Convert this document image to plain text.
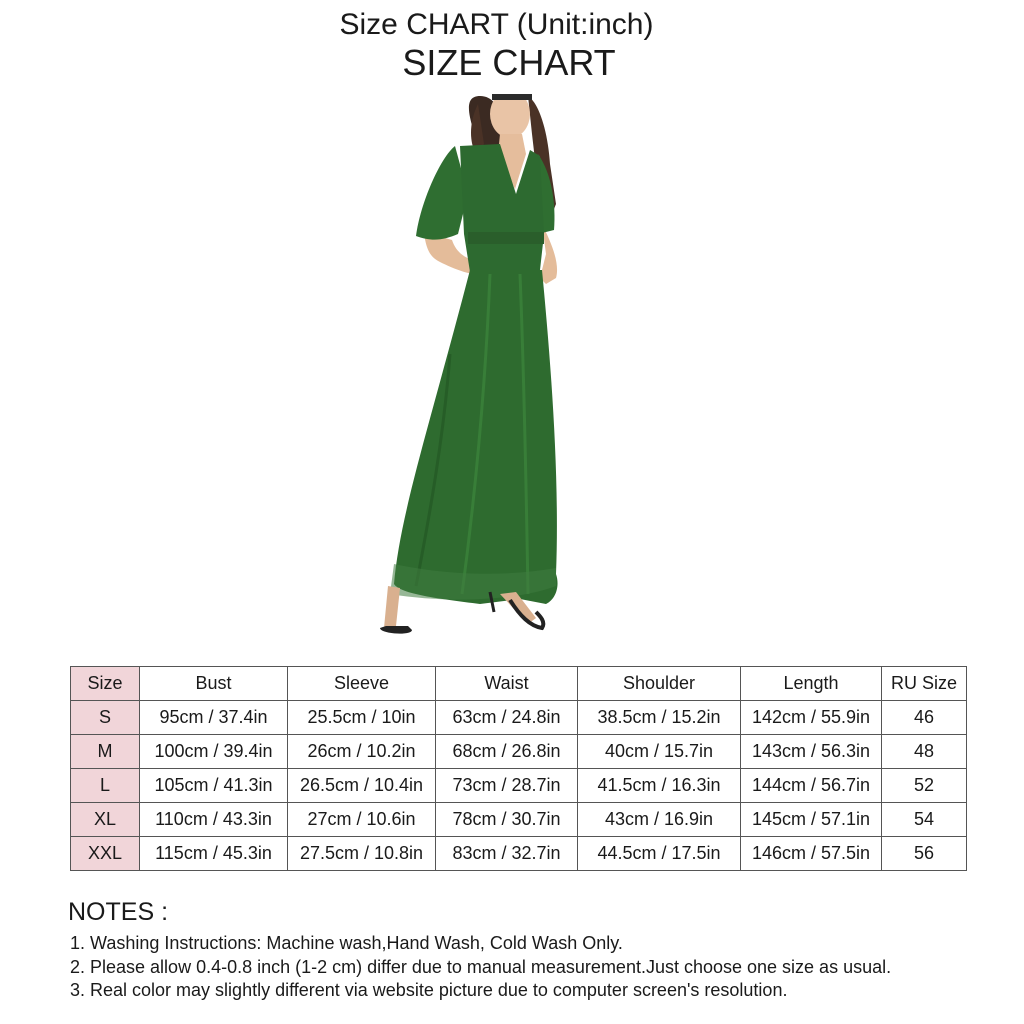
Size CHART (Unit:inch)
SIZE CHART
Size	Bust	Sleeve	Waist	Shoulder	Length	RU Size
S	95cm / 37.4in	25.5cm / 10in	63cm / 24.8in	38.5cm / 15.2in	142cm / 55.9in	46
M	100cm / 39.4in	26cm / 10.2in	68cm / 26.8in	40cm / 15.7in	143cm / 56.3in	48
L	105cm / 41.3in	26.5cm / 10.4in	73cm / 28.7in	41.5cm / 16.3in	144cm / 56.7in	52
XL	110cm / 43.3in	27cm / 10.6in	78cm / 30.7in	43cm / 16.9in	145cm / 57.1in	54
XXL	115cm / 45.3in	27.5cm / 10.8in	83cm / 32.7in	44.5cm / 17.5in	146cm / 57.5in	56
NOTES :
1. Washing Instructions: Machine wash,Hand Wash, Cold Wash Only.
2. Please allow 0.4-0.8 inch (1-2 cm) differ due to manual measurement.Just choose one size as usual.
3. Real color may slightly different via website picture due to computer screen's resolution.
